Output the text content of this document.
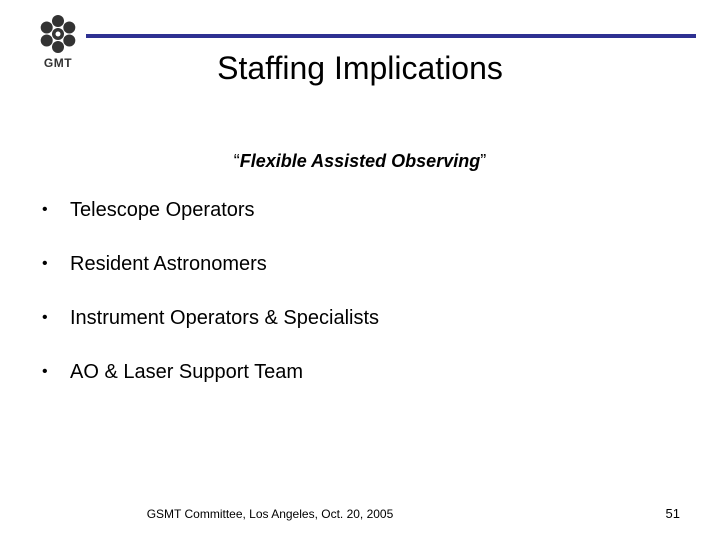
GMT	Staffing Implications
“Flexible Assisted Observing”
• Telescope Operators
• Resident Astronomers
• Instrument Operators & Specialists
• AO & Laser Support Team
GSMT Committee, Los Angeles, Oct. 20, 2005	51
